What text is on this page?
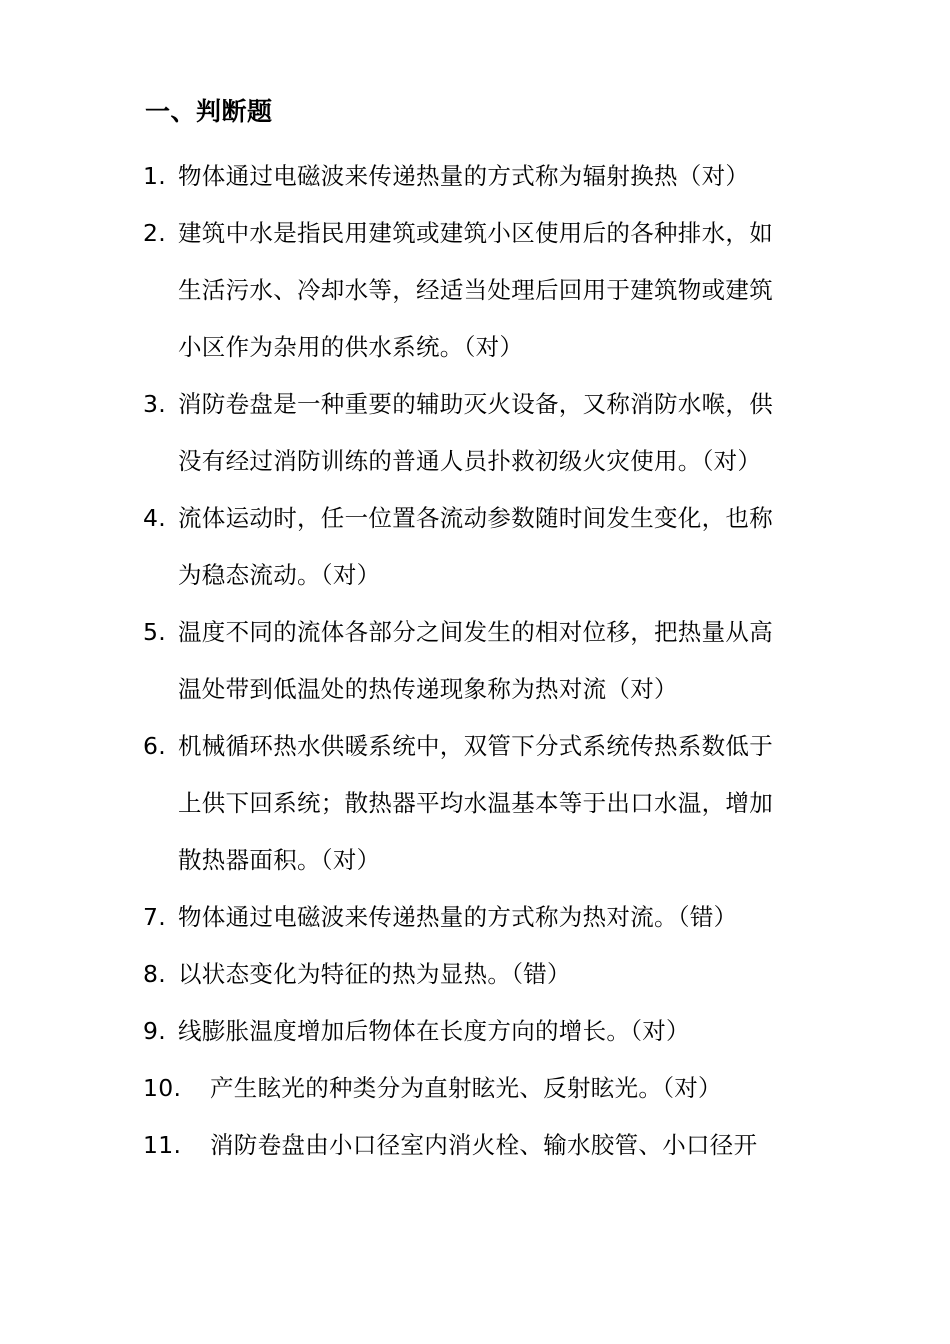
一、判断题
1. 物体通过电磁波来传递热量的方式称为辐射换热（对）
2. 建筑中水是指民用建筑或建筑小区使用后的各种排水，如
生活污水、冷却水等，经适当处理后回用于建筑物或建筑
小区作为杂用的供水系统。（对）
3. 消防卷盘是一种重要的辅助灭火设备，又称消防水喉，供
没有经过消防训练的普通人员扑救初级火灾使用。（对）
4. 流体运动时，任一位置各流动参数随时间发生变化，也称
为稳态流动。（对）
5. 温度不同的流体各部分之间发生的相对位移，把热量从高
温处带到低温处的热传递现象称为热对流（对）
6. 机械循环热水供暖系统中，双管下分式系统传热系数低于
上供下回系统；散热器平均水温基本等于出口水温，增加
散热器面积。（对）
7. 物体通过电磁波来传递热量的方式称为热对流。（错）
8. 以状态变化为特征的热为显热。（错）
9. 线膨胀温度增加后物体在长度方向的增长。（对）
10.	产生眩光的种类分为直射眩光、反射眩光。（对）
11.	消防卷盘由小口径室内消火栓、输水胶管、小口径开
